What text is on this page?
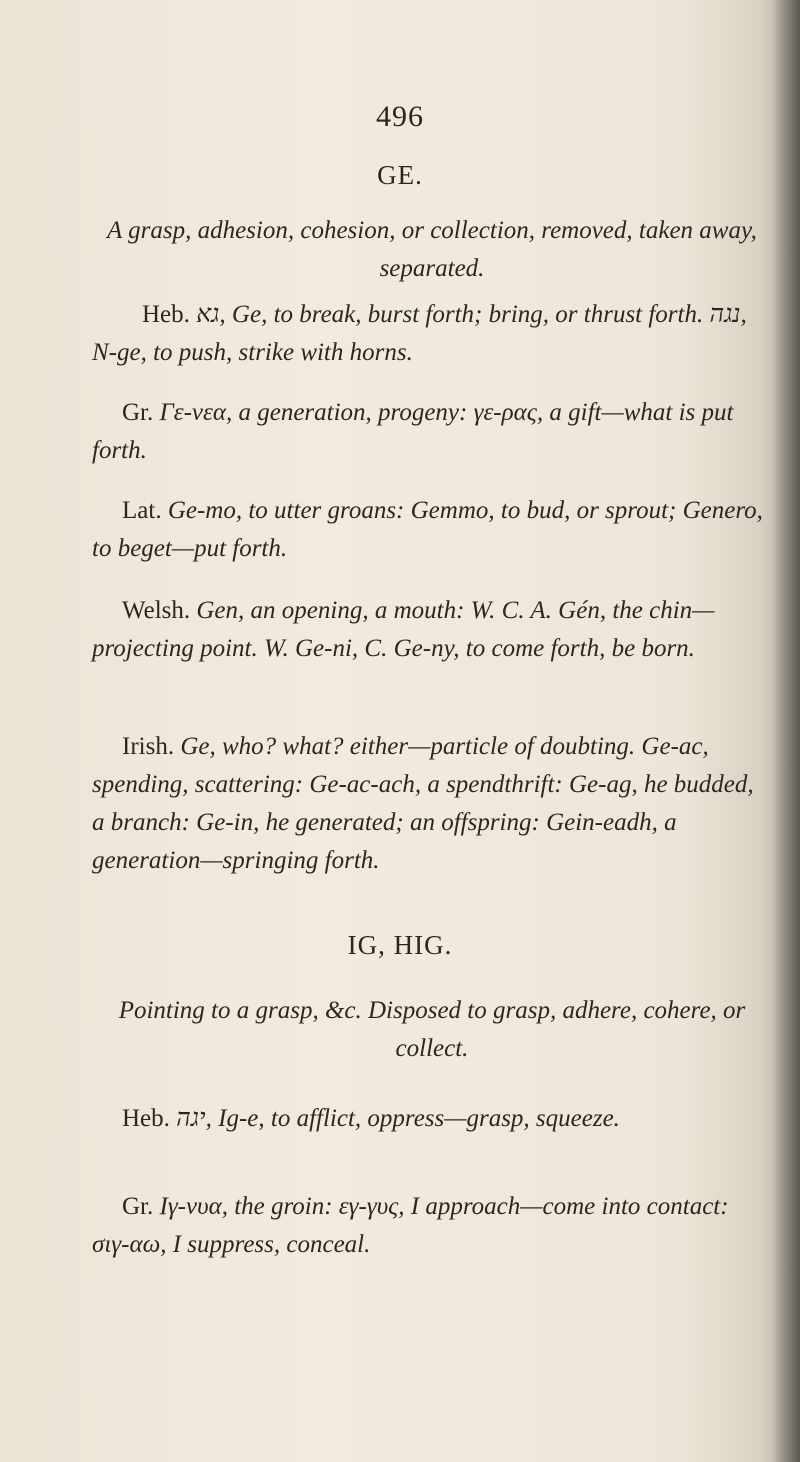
496
GE.
A grasp, adhesion, cohesion, or collection, removed, taken away, separated.
Heb. גא, Ge, to break, burst forth; bring, or thrust forth. נגה, N-ge, to push, strike with horns.
Gr. Γε-νεα, a generation, progeny: γε-ρας, a gift—what is put forth.
Lat. Ge-mo, to utter groans: Gemmo, to bud, or sprout; Genero, to beget—put forth.
Welsh. Gen, an opening, a mouth: W. C. A. Gén, the chin—projecting point. W. Ge-ni, C. Ge-ny, to come forth, be born.
Irish. Ge, who? what? either—particle of doubting. Ge-ac, spending, scattering: Ge-ac-ach, a spendthrift: Ge-ag, he budded, a branch: Ge-in, he generated; an offspring: Gein-eadh, a generation—springing forth.
IG, HIG.
Pointing to a grasp, &c. Disposed to grasp, adhere, cohere, or collect.
Heb. יגה, Ig-e, to afflict, oppress—grasp, squeeze.
Gr. Ιγ-νυα, the groin: εγ-γυς, I approach—come into contact: σιγ-αω, I suppress, conceal.
